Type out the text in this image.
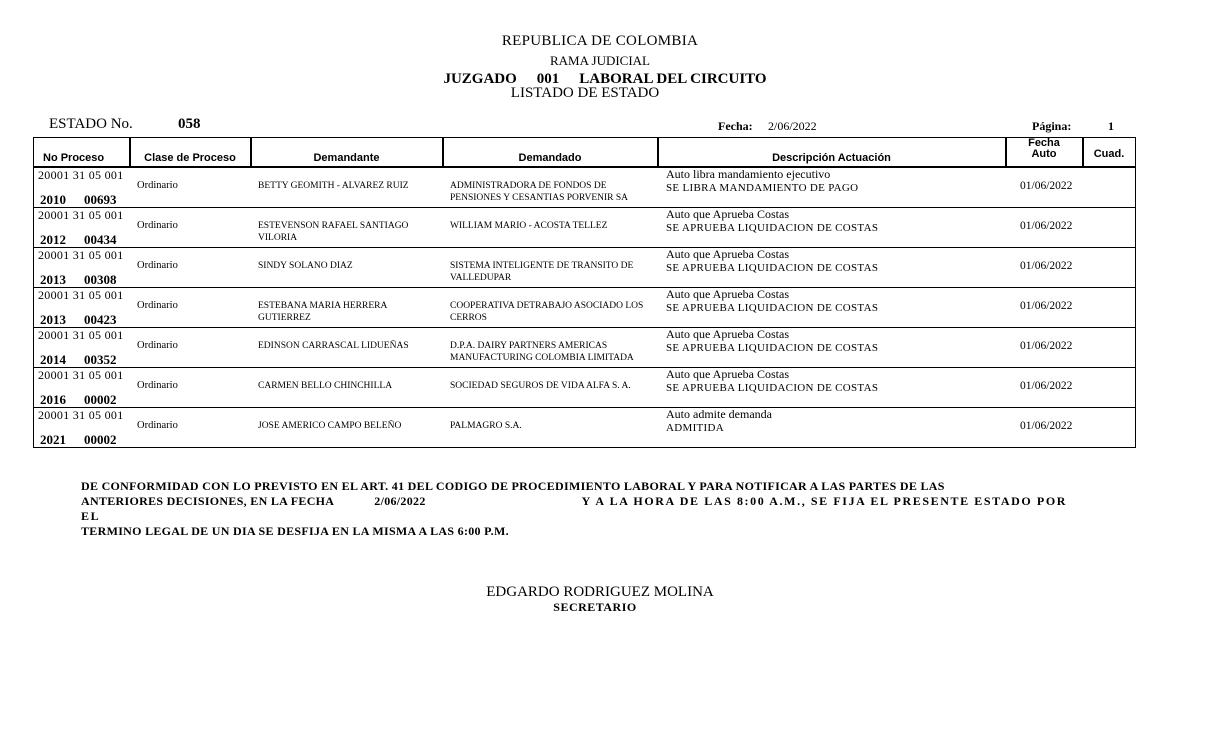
REPUBLICA DE COLOMBIA
RAMA JUDICIAL
JUZGADO 001 LABORAL DEL CIRCUITO
LISTADO DE ESTADO
ESTADO No.	058	Fecha: 2/06/2022	Página:	1
No Proceso	Clase de Proceso	Demandante	Demandado	Descripción Actuación
Fecha
Auto	Cuad.
20001 31 05 001
2010 00693
Ordinario	BETTY GEOMITH - ALVAREZ RUIZ	ADMINISTRADORA DE FONDOS DE PENSIONES Y CESANTIAS PORVENIR SA
Auto libra mandamiento ejecutivo
SE LIBRA MANDAMIENTO DE PAGO	01/06/2022
20001 31 05 001
2012 00434
Ordinario	ESTEVENSON RAFAEL SANTIAGO VILORIA
WILLIAM MARIO - ACOSTA TELLEZ
Auto que Aprueba Costas
SE APRUEBA LIQUIDACION DE COSTAS	01/06/2022
20001 31 05 001
2013 00308
Ordinario	SINDY SOLANO DIAZ	SISTEMA INTELIGENTE DE TRANSITO DE VALLEDUPAR
Auto que Aprueba Costas
SE APRUEBA LIQUIDACION DE COSTAS	01/06/2022
20001 31 05 001
2013 00423
Ordinario	ESTEBANA MARIA HERRERA GUTIERREZ
COOPERATIVA DETRABAJO ASOCIADO LOS CERROS
Auto que Aprueba Costas
SE APRUEBA LIQUIDACION DE COSTAS	01/06/2022
20001 31 05 001
2014 00352
Ordinario	EDINSON CARRASCAL LIDUEÑAS	D.P.A. DAIRY PARTNERS AMERICAS MANUFACTURING COLOMBIA LIMITADA
Auto que Aprueba Costas
SE APRUEBA LIQUIDACION DE COSTAS	01/06/2022
20001 31 05 001
2016 00002
Ordinario	CARMEN BELLO CHINCHILLA	SOCIEDAD SEGUROS DE VIDA ALFA S. A.
Auto que Aprueba Costas
SE APRUEBA LIQUIDACION DE COSTAS	01/06/2022
20001 31 05 001
2021 00002
Ordinario	JOSE AMERICO CAMPO BELEÑO	PALMAGRO S.A.
Auto admite demanda
ADMITIDA	01/06/2022
DE CONFORMIDAD CON LO PREVISTO EN EL ART. 41 DEL CODIGO DE PROCEDIMIENTO LABORAL Y PARA NOTIFICAR A LAS PARTES DE LAS
ANTERIORES DECISIONES, EN LA FECHA	2/06/2022	Y A LA HORA DE LAS 8:00 A.M., SE FIJA EL PRESENTE ESTADO POR EL
TERMINO LEGAL DE UN DIA SE DESFIJA EN LA MISMA A LAS 6:00 P.M.
EDGARDO RODRIGUEZ MOLINA
SECRETARIO
